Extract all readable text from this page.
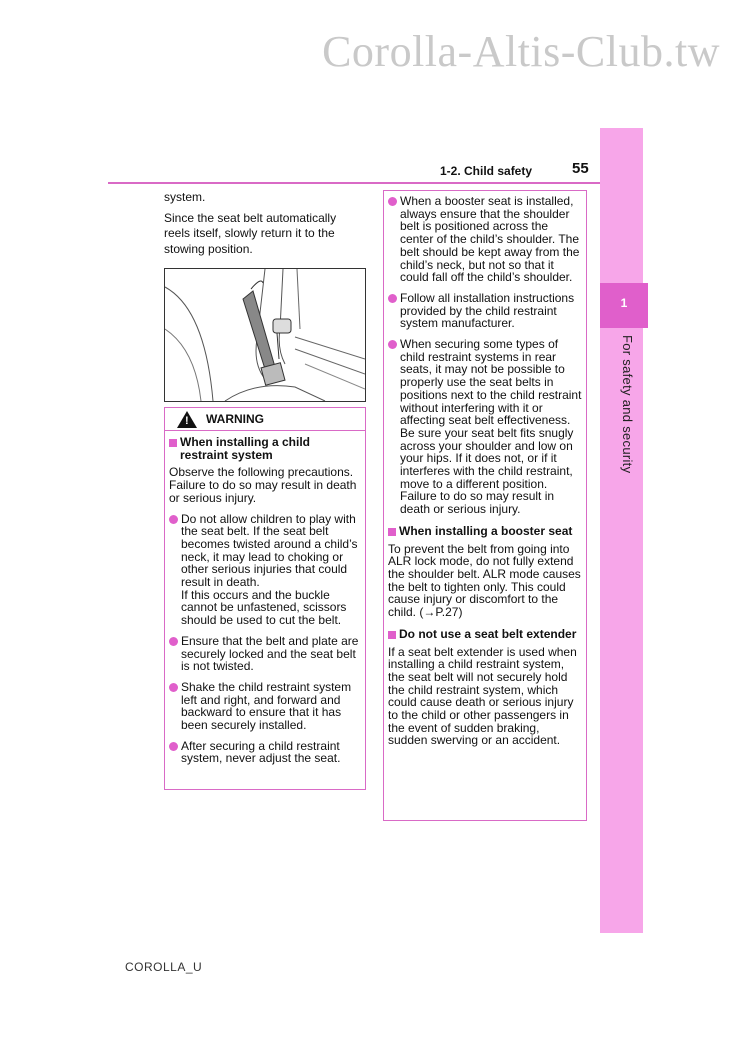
Corolla-Altis-Club.tw
1
For safety and security
1-2. Child safety	55

system.

Since the seat belt automatically reels itself, slowly return it to the stowing position.

! WARNING
When installing a child restraint system
Observe the following precautions.
Failure to do so may result in death or serious injury.
Do not allow children to play with the seat belt. If the seat belt becomes twisted around a child’s neck, it may lead to choking or other serious injuries that could result in death.
If this occurs and the buckle cannot be unfastened, scissors should be used to cut the belt.
Ensure that the belt and plate are securely locked and the seat belt is not twisted.
Shake the child restraint system left and right, and forward and backward to ensure that it has been securely installed.
After securing a child restraint system, never adjust the seat.
When a booster seat is installed, always ensure that the shoulder belt is positioned across the center of the child’s shoulder. The belt should be kept away from the child’s neck, but not so that it could fall off the child’s shoulder.
Follow all installation instructions provided by the child restraint system manufacturer.
When securing some types of child restraint systems in rear seats, it may not be possible to properly use the seat belts in positions next to the child restraint without interfering with it or affecting seat belt effectiveness. Be sure your seat belt fits snugly across your shoulder and low on your hips. If it does not, or if it interferes with the child restraint, move to a different position. Failure to do so may result in death or serious injury.
When installing a booster seat
To prevent the belt from going into ALR lock mode, do not fully extend the shoulder belt. ALR mode causes the belt to tighten only. This could cause injury or discomfort to the child. (→P.27)
Do not use a seat belt extender
If a seat belt extender is used when installing a child restraint system, the seat belt will not securely hold the child restraint system, which could cause death or serious injury to the child or other passengers in the event of sudden braking, sudden swerving or an accident.
COROLLA_U
